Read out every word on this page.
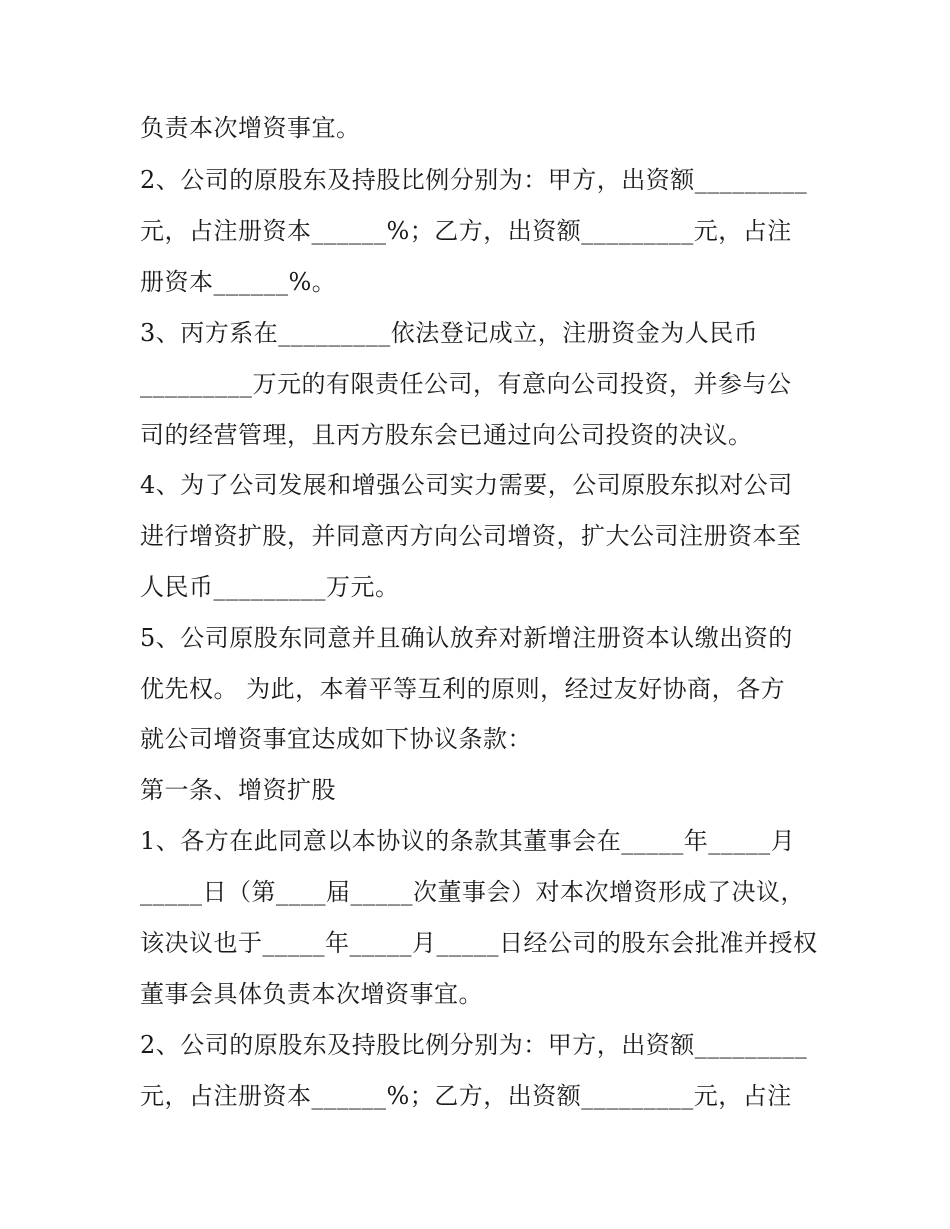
负责本次增资事宜。
2、公司的原股东及持股比例分别为：甲方，出资额_________
元，占注册资本______%；乙方，出资额_________元，占注
册资本______%。
3、丙方系在_________依法登记成立，注册资金为人民币
_________万元的有限责任公司，有意向公司投资，并参与公
司的经营管理，且丙方股东会已通过向公司投资的决议。
4、为了公司发展和增强公司实力需要，公司原股东拟对公司
进行增资扩股，并同意丙方向公司增资，扩大公司注册资本至
人民币_________万元。
5、公司原股东同意并且确认放弃对新增注册资本认缴出资的
优先权。 为此，本着平等互利的原则，经过友好协商，各方
就公司增资事宜达成如下协议条款：
第一条、增资扩股
1、各方在此同意以本协议的条款其董事会在_____年_____月
_____日（第____届_____次董事会）对本次增资形成了决议，
该决议也于_____年_____月_____日经公司的股东会批准并授权
董事会具体负责本次增资事宜。
2、公司的原股东及持股比例分别为：甲方，出资额_________
元，占注册资本______%；乙方，出资额_________元，占注
